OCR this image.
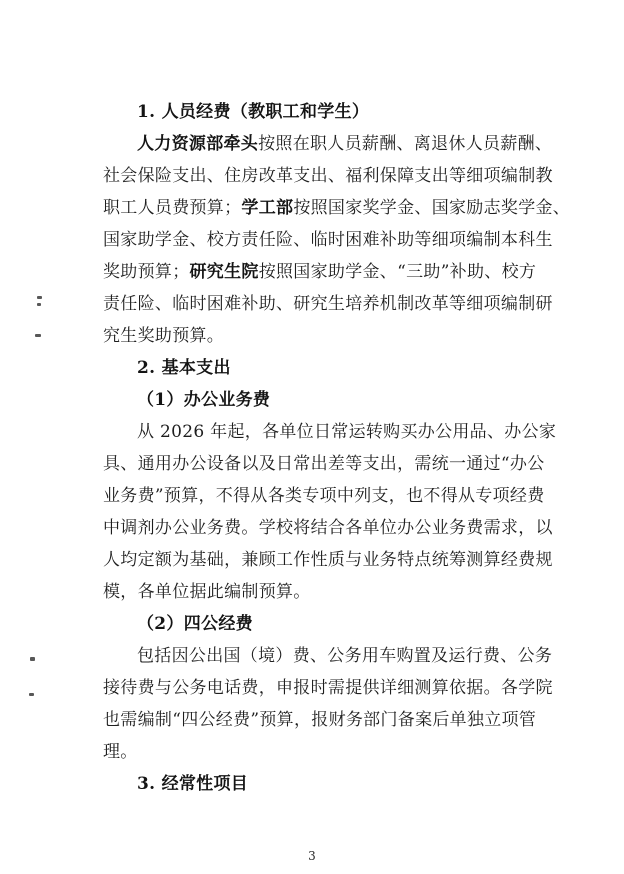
1. 人员经费（教职工和学生）
人力资源部牵头按照在职人员薪酬、离退休人员薪酬、
社会保险支出、住房改革支出、福利保障支出等细项编制教
职工人员费预算；学工部按照国家奖学金、国家励志奖学金、
国家助学金、校方责任险、临时困难补助等细项编制本科生
奖助预算；研究生院按照国家助学金、“三助”补助、校方
责任险、临时困难补助、研究生培养机制改革等细项编制研
究生奖助预算。
2. 基本支出
（1）办公业务费
从 2026 年起，各单位日常运转购买办公用品、办公家
具、通用办公设备以及日常出差等支出，需统一通过“办公
业务费”预算，不得从各类专项中列支，也不得从专项经费
中调剂办公业务费。学校将结合各单位办公业务费需求，以
人均定额为基础，兼顾工作性质与业务特点统筹测算经费规
模，各单位据此编制预算。
（2）四公经费
包括因公出国（境）费、公务用车购置及运行费、公务
接待费与公务电话费，申报时需提供详细测算依据。各学院
也需编制“四公经费”预算，报财务部门备案后单独立项管
理。
3. 经常性项目
3
